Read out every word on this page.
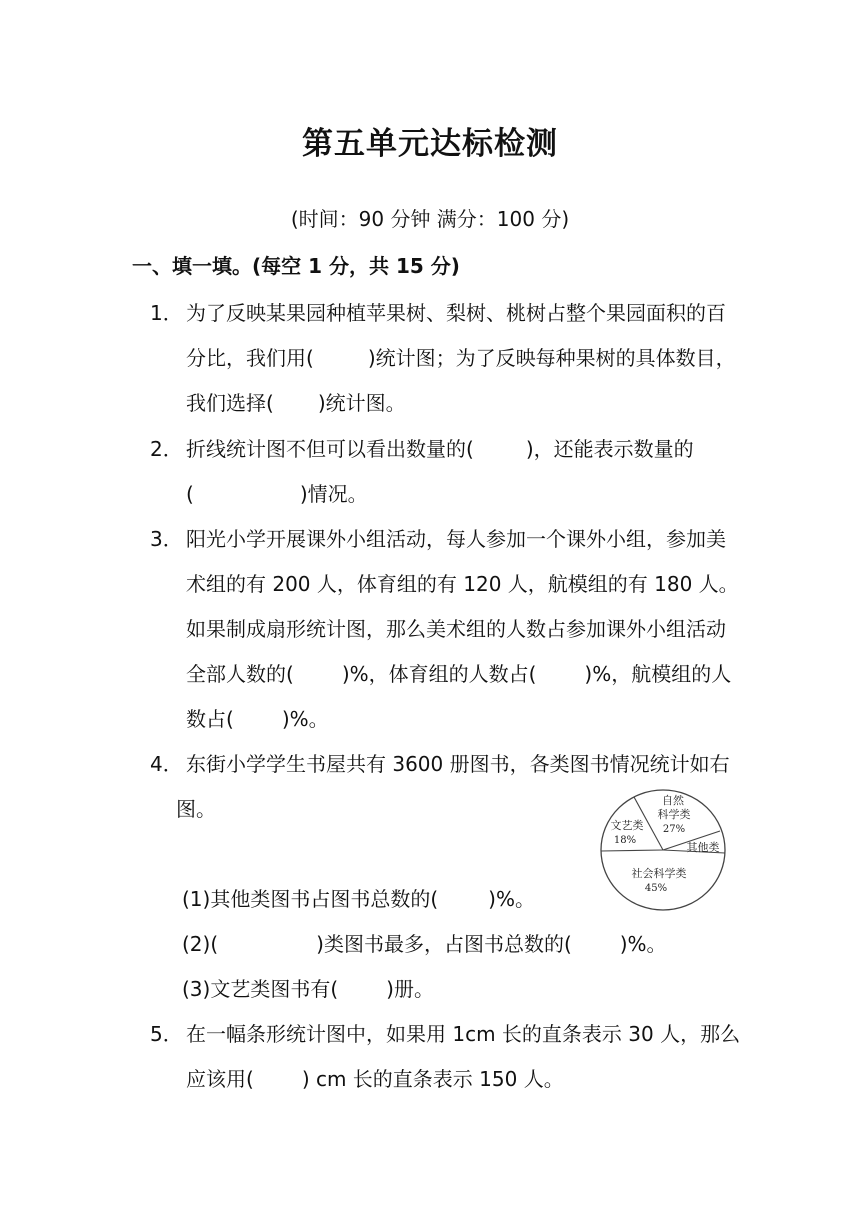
第五单元达标检测
(时间：90 分钟 满分：100 分)
一、填一填。(每空 1 分，共 15 分)
1． 为了反映某果园种植苹果树、梨树、桃树占整个果园面积的百
分比，我们用(	)统计图；为了反映每种果树的具体数目，
我们选择( )统计图。
2． 折线统计图不但可以看出数量的(	)，还能表示数量的
(	)情况。
3． 阳光小学开展课外小组活动，每人参加一个课外小组，参加美
术组的有 200 人，体育组的有 120 人，航模组的有 180 人。
如果制成扇形统计图，那么美术组的人数占参加课外小组活动
全部人数的( )%，体育组的人数占( )%，航模组的人
数占( )%。
4． 东街小学学生书屋共有 3600 册图书，各类图书情况统计如右
图。	自然
科学类
27%
文艺类
18%
其他类
社会科学类
45%
(1)其他类图书占图书总数的(	)%。
(2)(	)类图书最多，占图书总数的( )%。
(3)文艺类图书有( )册。
5． 在一幅条形统计图中，如果用 1cm 长的直条表示 30 人，那么
应该用( ) cm 长的直条表示 150 人。
